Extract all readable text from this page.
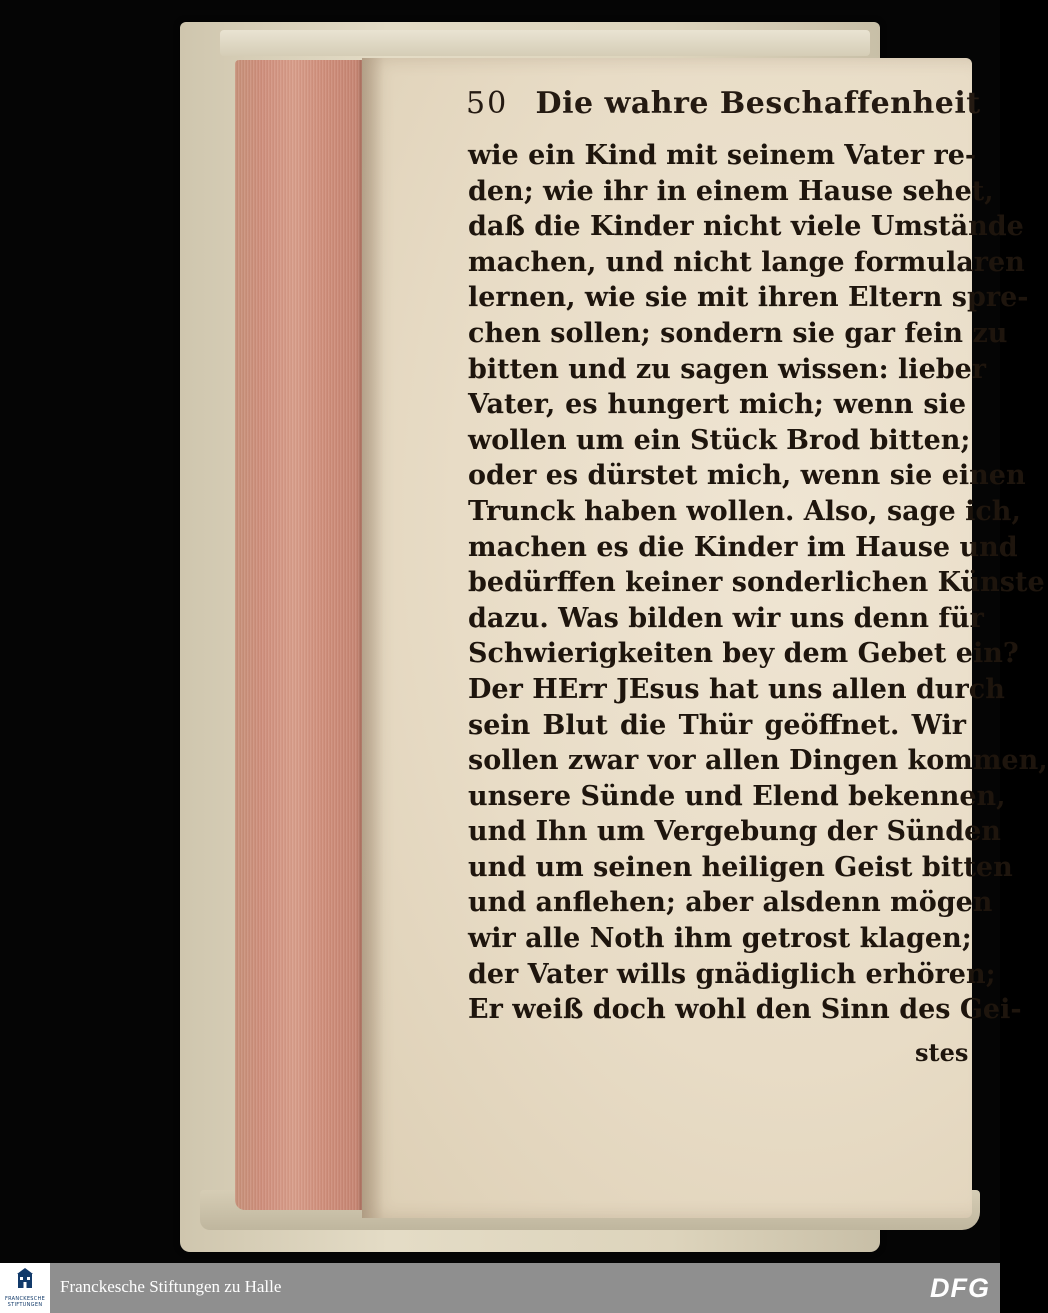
50 Die wahre Beschaffenheit
wie ein Kind mit seinem Vater re-
den; wie ihr in einem Hause sehet,
daß die Kinder nicht viele Umstände
machen, und nicht lange formularen
lernen, wie sie mit ihren Eltern spre-
chen sollen; sondern sie gar fein zu
bitten und zu sagen wissen: lieber
Vater, es hungert mich; wenn sie
wollen um ein Stück Brod bitten;
oder es dürstet mich, wenn sie einen
Trunck haben wollen. Also, sage ich,
machen es die Kinder im Hause und
bedürffen keiner sonderlichen Künste
dazu. Was bilden wir uns denn für
Schwierigkeiten bey dem Gebet ein?
Der HErr JEsus hat uns allen durch
sein Blut die Thür geöffnet. Wir
sollen zwar vor allen Dingen kommen,
unsere Sünde und Elend bekennen,
und Ihn um Vergebung der Sünden
und um seinen heiligen Geist bitten
und anflehen; aber alsdenn mögen
wir alle Noth ihm getrost klagen;
der Vater wills gnädiglich erhören;
Er weiß doch wohl den Sinn des Gei-
stes
FRANCKESCHE STIFTUNGEN
Franckesche Stiftungen zu Halle	DFG
